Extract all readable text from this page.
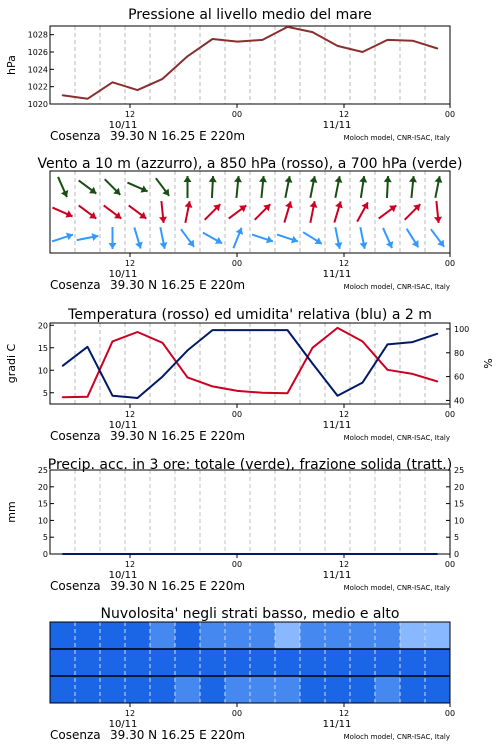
Pressione al livello medio del mare
1020
1022
1024
1026
1028
hPa
12	00	12	00
10/11	11/11
Cosenza 39.30 N 16.25 E 220m	Moloch model, CNR-ISAC, Italy
Vento a 10 m (azzurro), a 850 hPa (rosso), a 700 hPa (verde)
12	00	12	00
10/11	11/11
Cosenza 39.30 N 16.25 E 220m	Moloch model, CNR-ISAC, Italy
Temperatura (rosso) ed umidita' relativa (blu) a 2 m
5
10
15
20
40
60
80
100
gradi C	%
12	00	12	00
10/11	11/11
Cosenza 39.30 N 16.25 E 220m	Moloch model, CNR-ISAC, Italy
Precip. acc. in 3 ore: totale (verde), frazione solida (tratt.)
0
5
10
15
20
25
0
5
10
15
20
25
mm
12	00	12	00
10/11	11/11
Cosenza 39.30 N 16.25 E 220m	Moloch model, CNR-ISAC, Italy
Nuvolosita' negli strati basso, medio e alto
12	00	12	00
10/11	11/11
Cosenza 39.30 N 16.25 E 220m	Moloch model, CNR-ISAC, Italy
